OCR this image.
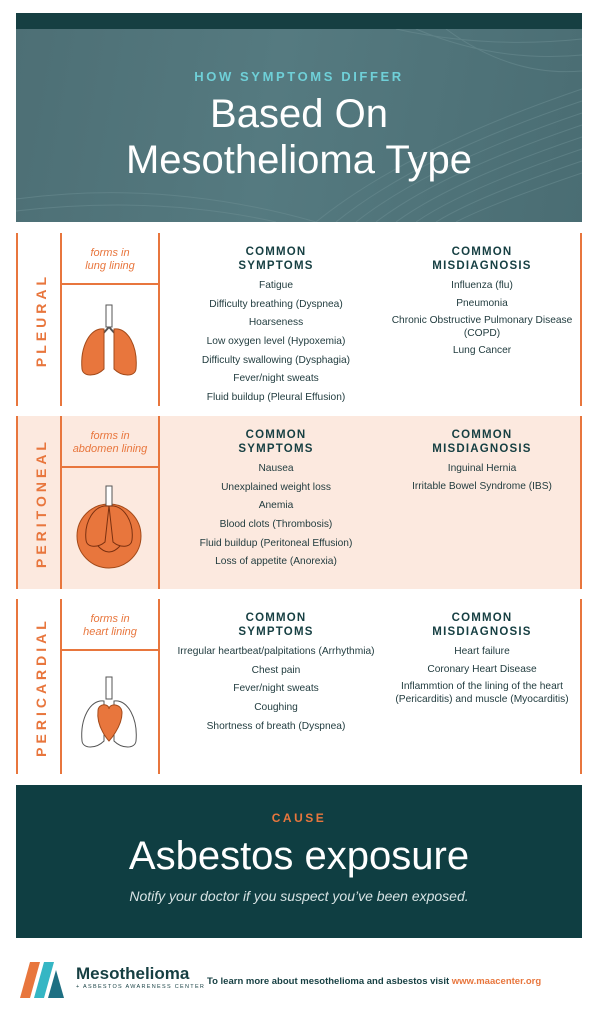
HOW SYMPTOMS DIFFER
Based On
Mesothelioma Type
PLEURAL
forms in
lung lining
COMMON
SYMPTOMS
Fatigue
Difficulty breathing (Dyspnea)
Hoarseness
Low oxygen level (Hypoxemia)
Difficulty swallowing (Dysphagia)
Fever/night sweats
Fluid buildup (Pleural Effusion)
COMMON
MISDIAGNOSIS
Influenza (flu)
Pneumonia
Chronic Obstructive Pulmonary Disease (COPD)
Lung Cancer
PERITONEAL
forms in
abdomen lining
COMMON
SYMPTOMS
Nausea
Unexplained weight loss
Anemia
Blood clots (Thrombosis)
Fluid buildup (Peritoneal Effusion)
Loss of appetite (Anorexia)
COMMON
MISDIAGNOSIS
Inguinal Hernia
Irritable Bowel Syndrome (IBS)
PERICARDIAL	forms in
heart lining
COMMON
SYMPTOMS
Irregular heartbeat/palpitations (Arrhythmia)
Chest pain
Fever/night sweats
Coughing
Shortness of breath (Dyspnea)
COMMON
MISDIAGNOSIS
Heart failure
Coronary Heart Disease
Inflammtion of the lining of the heart (Pericarditis) and muscle (Myocarditis)
CAUSE
Asbestos exposure
Notify your doctor if you suspect you’ve been exposed.
Mesothelioma
+ ASBESTOS AWARENESS CENTER To learn more about mesothelioma and asbestos visit www.maacenter.org
